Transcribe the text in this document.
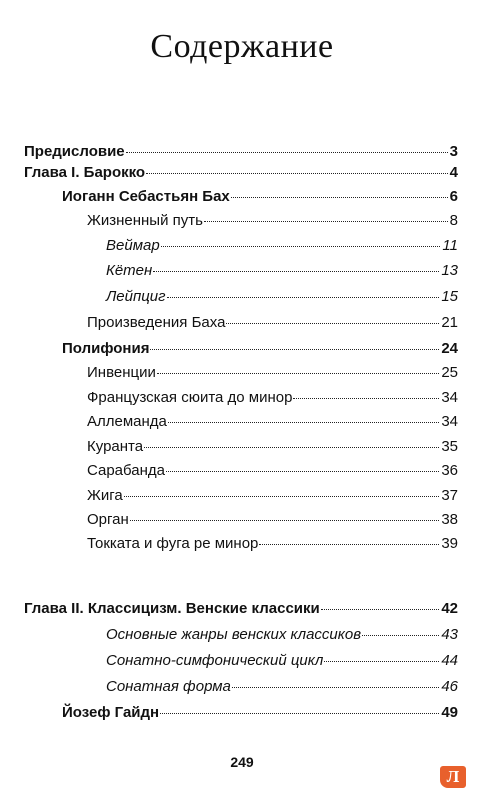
Содержание
Предисловие	3
Глава I. Барокко	4
Иоганн Себастьян Бах	6
Жизненный путь	8
Веймар	11
Кётен	13
Лейпциг	15
Произведения Баха	21
Полифония	24
Инвенции	25
Французская сюита до минор	34
Аллеманда	34
Куранта	35
Сарабанда	36
Жига	37
Орган	38
Токката и фуга ре минор	39
Глава II. Классицизм. Венские классики	42
Основные жанры венских классиков	43
Сонатно-симфонический цикл	44
Сонатная форма	46
Йозеф Гайдн	49
249
Л
